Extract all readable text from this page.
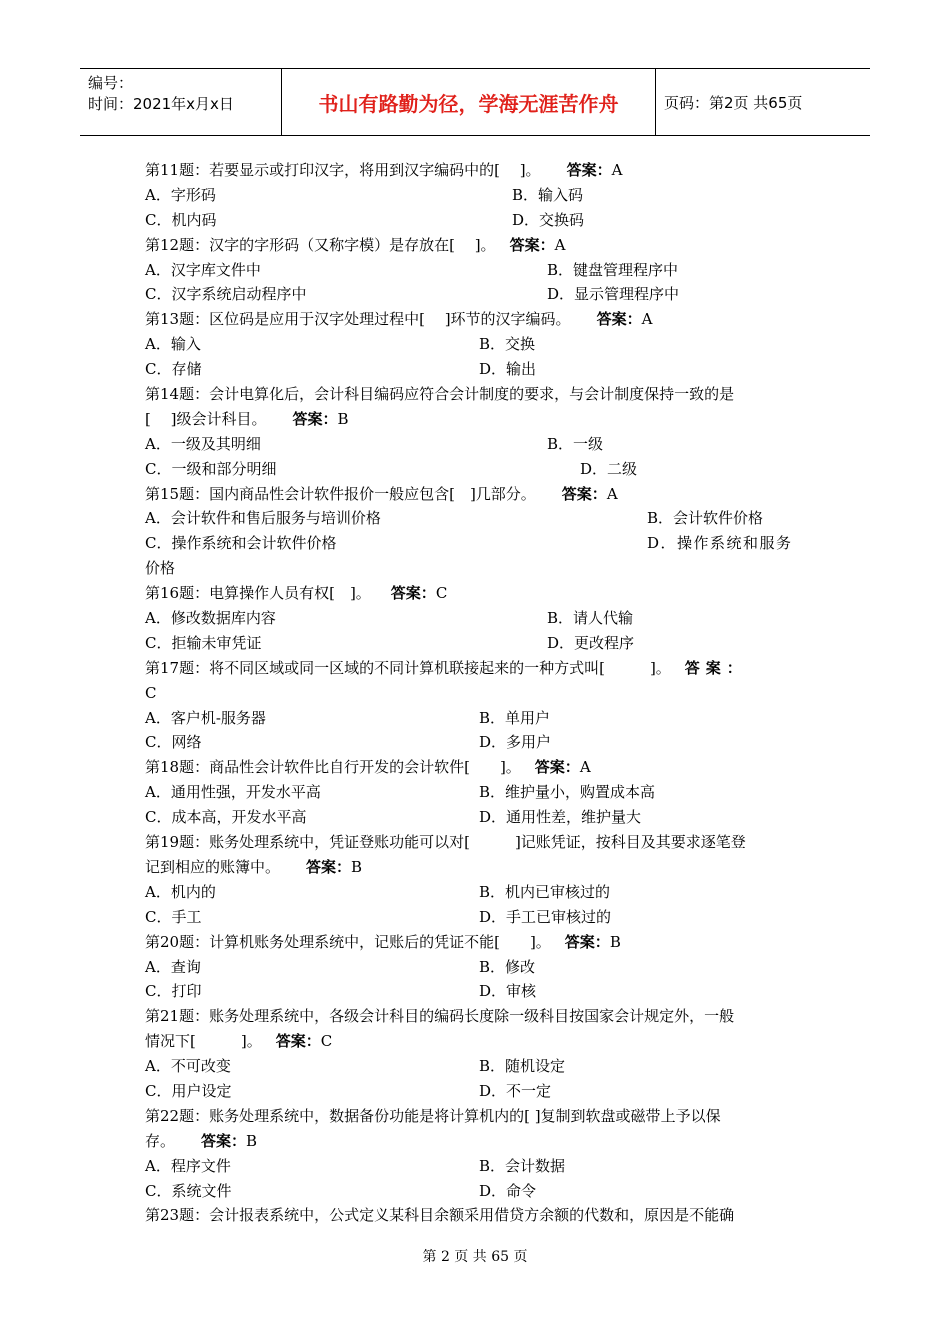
编号：
时间：2021年x月x日	书山有路勤为径，学海无涯苦作舟	页码：第2页 共65页
第11题：若要显示或打印汉字，将用到汉字编码中的[　 ]。 答案：A
A．字形码	B．输入码
C．机内码	D．交换码
第12题：汉字的字形码（又称字模）是存放在[　 ]。 答案：A
A．汉字库文件中	B．键盘管理程序中
C．汉字系统启动程序中	D．显示管理程序中
第13题：区位码是应用于汉字处理过程中[　 ]环节的汉字编码。 答案：A
A．输入	B．交换
C．存储	D．输出
第14题：会计电算化后，会计科目编码应符合会计制度的要求，与会计制度保持一致的是
[　 ]级会计科目。 答案：B
A．一级及其明细	B．一级
C．一级和部分明细	D．二级
第15题：国内商品性会计软件报价一般应包含[　]几部分。 答案：A
A．会计软件和售后服务与培训价格	B．会计软件价格
C．操作系统和会计软件价格	D．操作系统和服务
价格
第16题：电算操作人员有权[　]。 答案：C
A．修改数据库内容	B．请人代输
C．拒输未审凭证	D．更改程序
第17题：将不同区域或同一区域的不同计算机联接起来的一种方式叫[　　　]。 答案：
C
A．客户机-服务器	B．单用户
C．网络	D．多用户
第18题：商品性会计软件比自行开发的会计软件[　　]。 答案：A
A．通用性强，开发水平高	B．维护量小，购置成本高
C．成本高，开发水平高	D．通用性差，维护量大
第19题：账务处理系统中，凭证登账功能可以对[　　　]记账凭证，按科目及其要求逐笔登
记到相应的账簿中。 答案：B
A．机内的	B．机内已审核过的
C．手工	D．手工已审核过的
第20题：计算机账务处理系统中，记账后的凭证不能[　　]。 答案：B
A．查询	B．修改
C．打印	D．审核
第21题：账务处理系统中，各级会计科目的编码长度除一级科目按国家会计规定外，一般
情况下[　　　]。 答案：C
A．不可改变	B．随机设定
C．用户设定	D．不一定
第22题：账务处理系统中，数据备份功能是将计算机内的[ ]复制到软盘或磁带上予以保
存。 答案：B
A．程序文件	B．会计数据
C．系统文件	D．命令
第23题：会计报表系统中，公式定义某科目余额采用借贷方余额的代数和，原因是不能确
第 2 页 共 65 页
